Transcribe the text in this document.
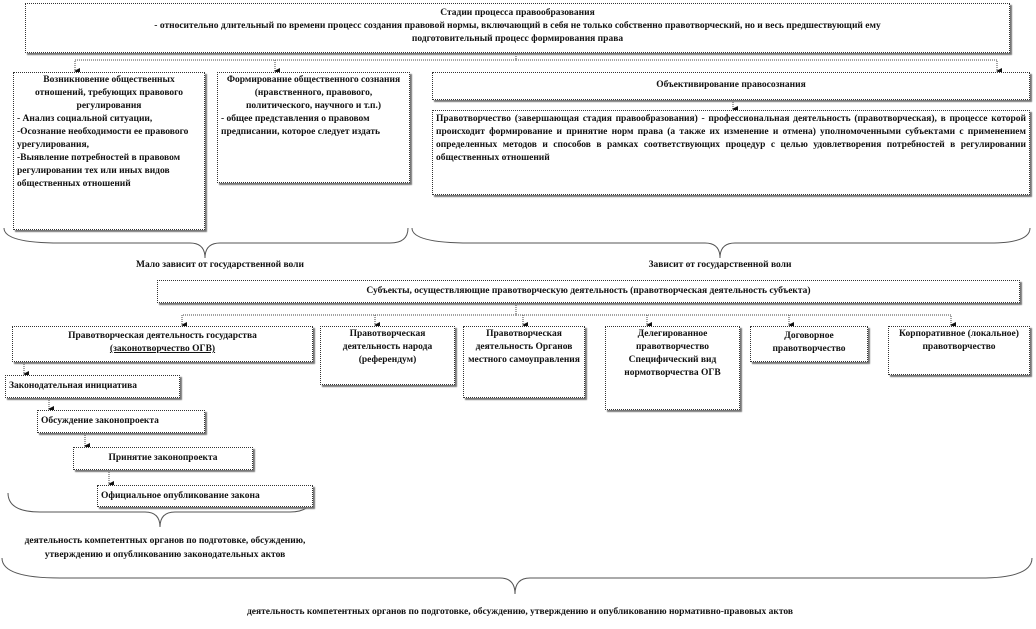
Стадии процесса правообразования
- относительно длительный по времени процесс создания правовой нормы, включающий в себя не только собственно правотворческий, но и весь предшествующий ему
подготовительный процесс формирования права
Возникновение общественных отношений, требующих правового регулирования
- Анализ социальной ситуации,
-Осознание необходимости ее правового урегулирования,
-Выявление потребностей в правовом регулировании тех или иных видов общественных отношений
Формирование общественного сознания (нравственного, правового, политического, научного и т.п.)
- общее представления о правовом предписании, которое следует издать
Объективирование правосознания
Правотворчество (завершающая стадия правообразования) - профессиональная деятельность (правотворческая), в процессе которой происходит формирование и принятие норм права (а также их изменение и отмена) уполномоченными субъектами с применением определенных методов и способов в рамках соответствующих процедур с целью удовлетворения потребностей в регулировании общественных отношений
Мало зависит от государственной воли	Зависит от государственной воли
Субъекты, осуществляющие правотворческую деятельность (правотворческая деятельность субъекта)
Правотворческая деятельность государства
(законотворчество ОГВ)
Правотворческая деятельность народа (референдум)
Правотворческая деятельность Органов местного самоуправления
Делегированное правотворчество Специфический вид нормотворчества ОГВ
Договорное правотворчество
Корпоративное (локальное) правотворчество
Законодательная инициатива
Обсуждение законопроекта
Принятие законопроекта
Официальное опубликование закона
деятельность компетентных органов по подготовке, обсуждению, утверждению и опубликованию законодательных актов
деятельность компетентных органов по подготовке, обсуждению, утверждению и опубликованию нормативно-правовых актов
